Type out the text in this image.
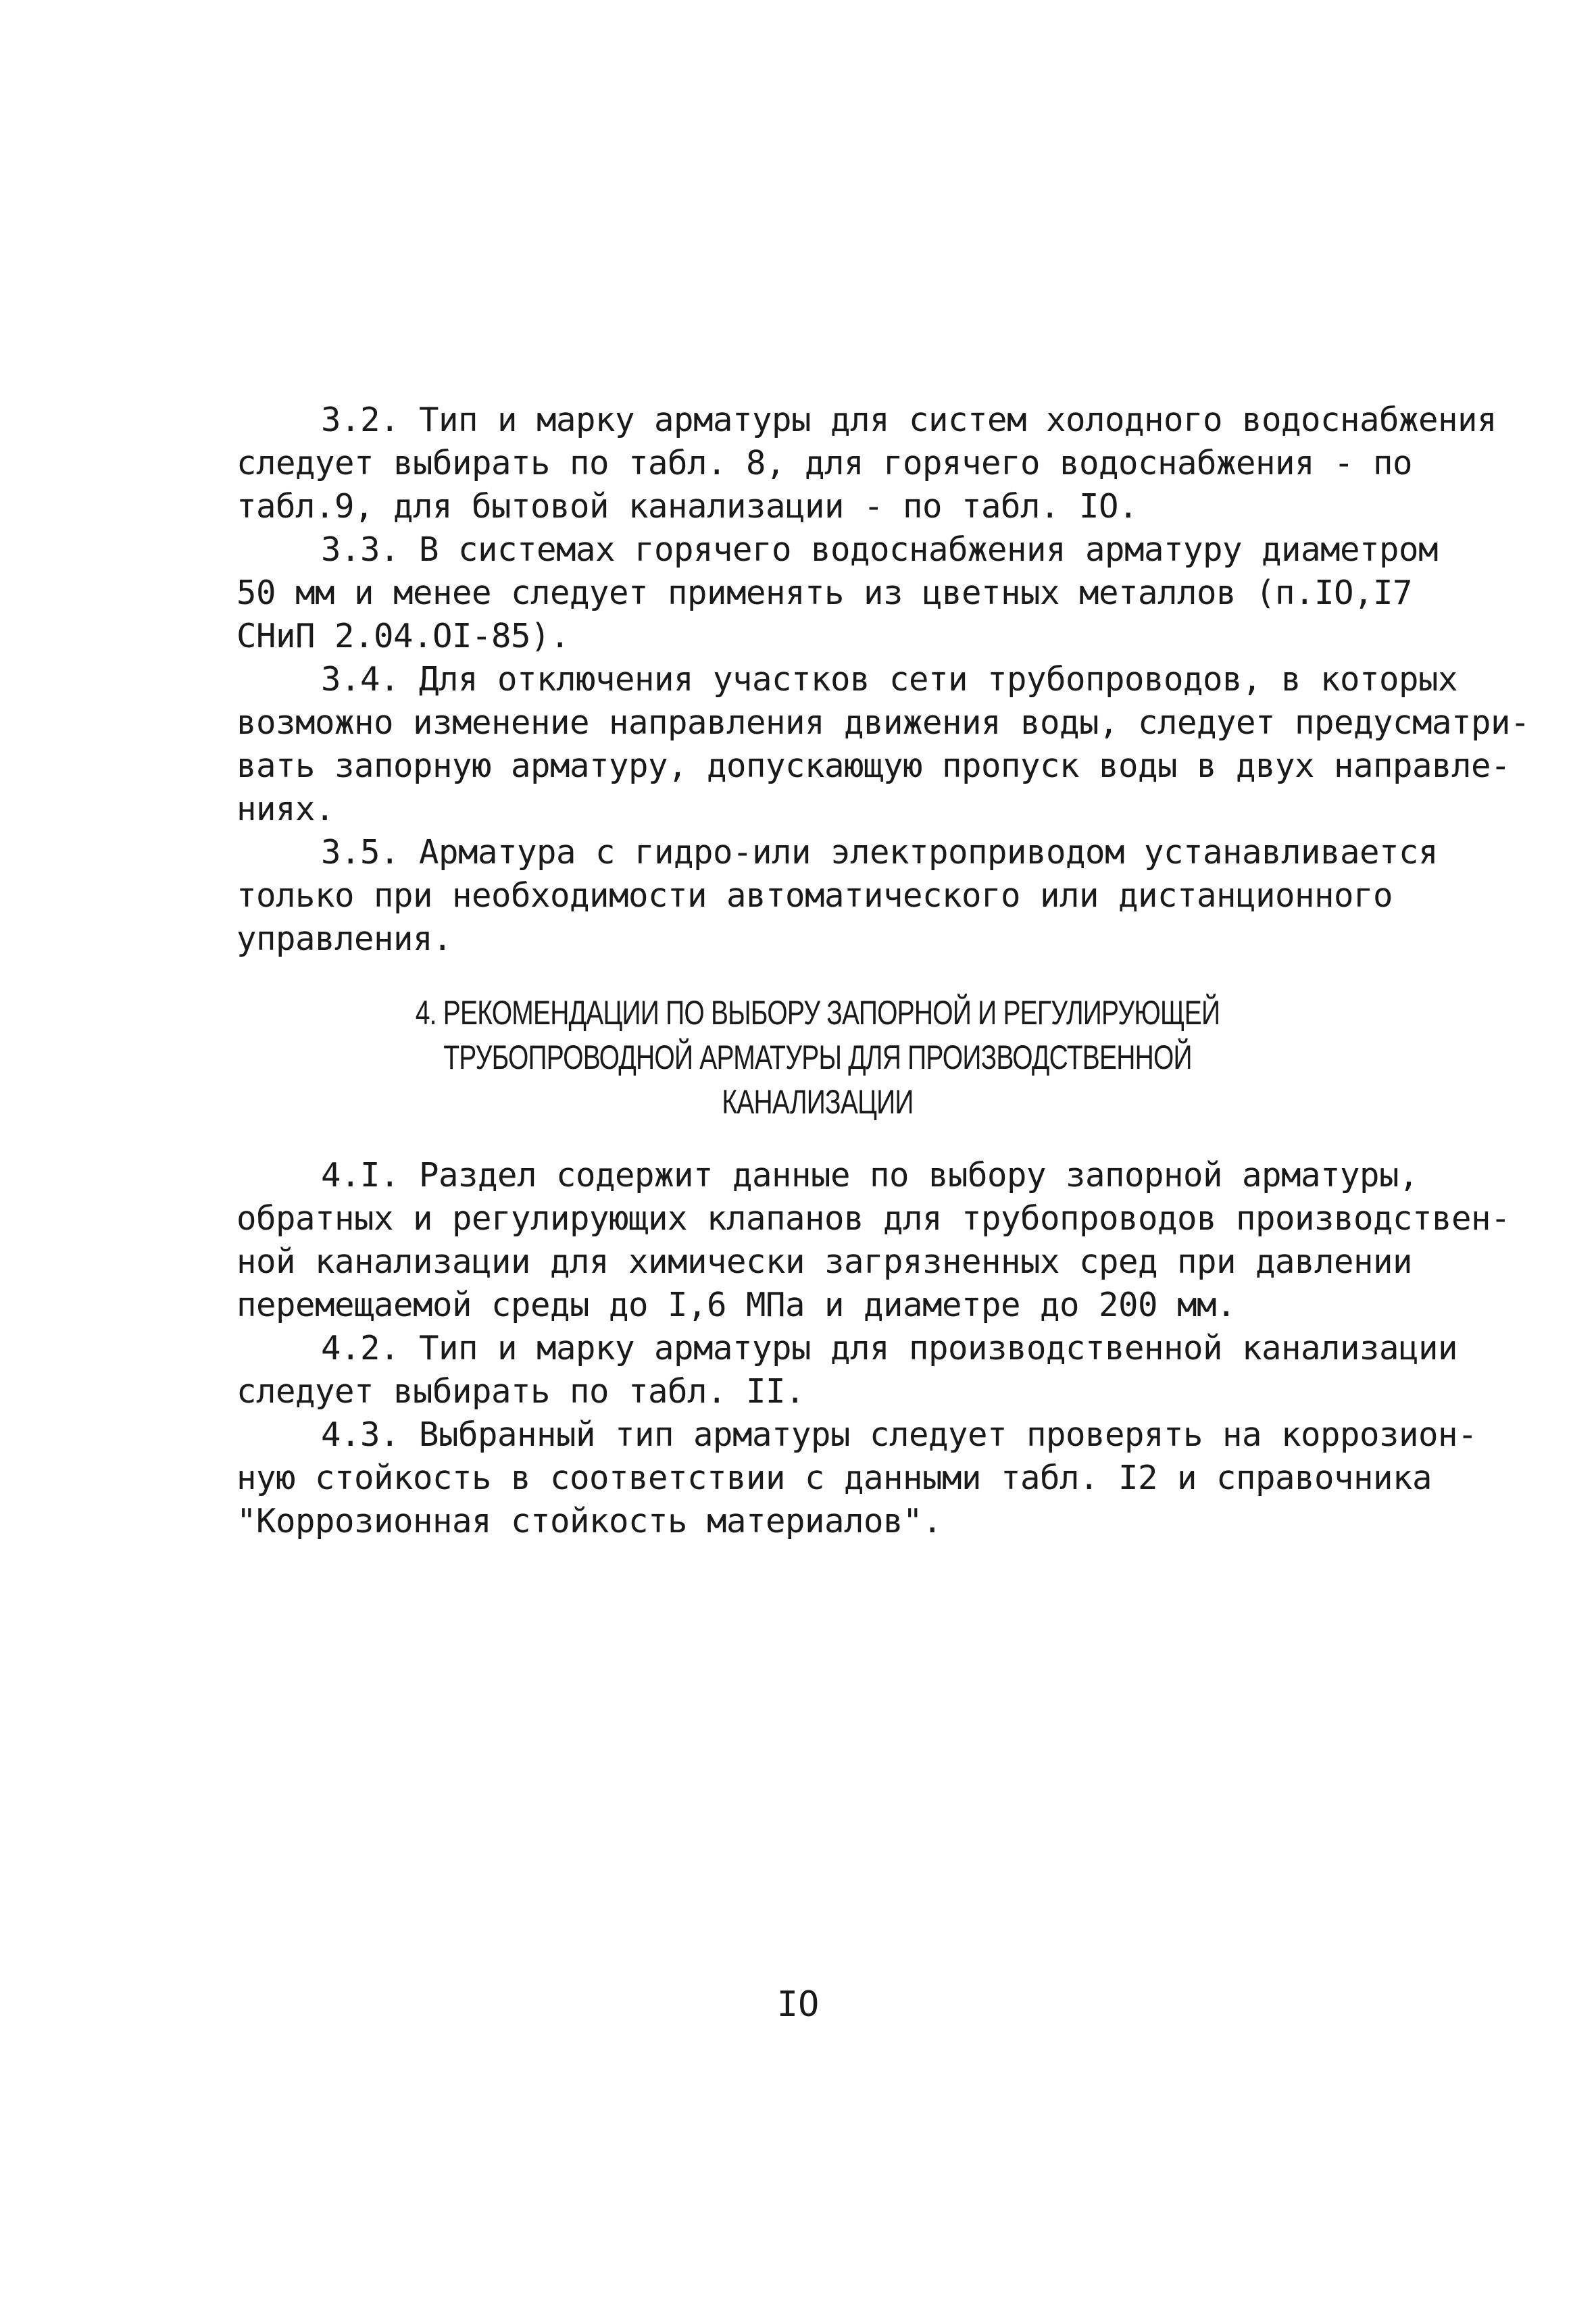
3.2. Тип и марку арматуры для систем холодного водоснабжения
следует выбирать по табл. 8, для горячего водоснабжения - по
табл.9, для бытовой канализации - по табл. IO.
3.3. В системах горячего водоснабжения арматуру диаметром
50 мм и менее следует применять из цветных металлов (п.IO,I7
СНиП 2.04.OI-85).
3.4. Для отключения участков сети трубопроводов, в которых
возможно изменение направления движения воды, следует предусматри-
вать запорную арматуру, допускающую пропуск воды в двух направле-
ниях.
3.5. Арматура с гидро-или электроприводом устанавливается
только при необходимости автоматического или дистанционного
управления.
4. РЕКОМЕНДАЦИИ ПО ВЫБОРУ ЗАПОРНОЙ И РЕГУЛИРУЮЩЕЙ
ТРУБОПРОВОДНОЙ АРМАТУРЫ ДЛЯ ПРОИЗВОДСТВЕННОЙ
КАНАЛИЗАЦИИ
4.I. Раздел содержит данные по выбору запорной арматуры,
обратных и регулирующих клапанов для трубопроводов производствен-
ной канализации для химически загрязненных сред при давлении
перемещаемой среды до I,6 МПа и диаметре до 200 мм.
4.2. Тип и марку арматуры для производственной канализации
следует выбирать по табл. II.
4.3. Выбранный тип арматуры следует проверять на коррозион-
ную стойкость в соответствии с данными табл. I2 и справочника
"Коррозионная стойкость материалов".
IO
